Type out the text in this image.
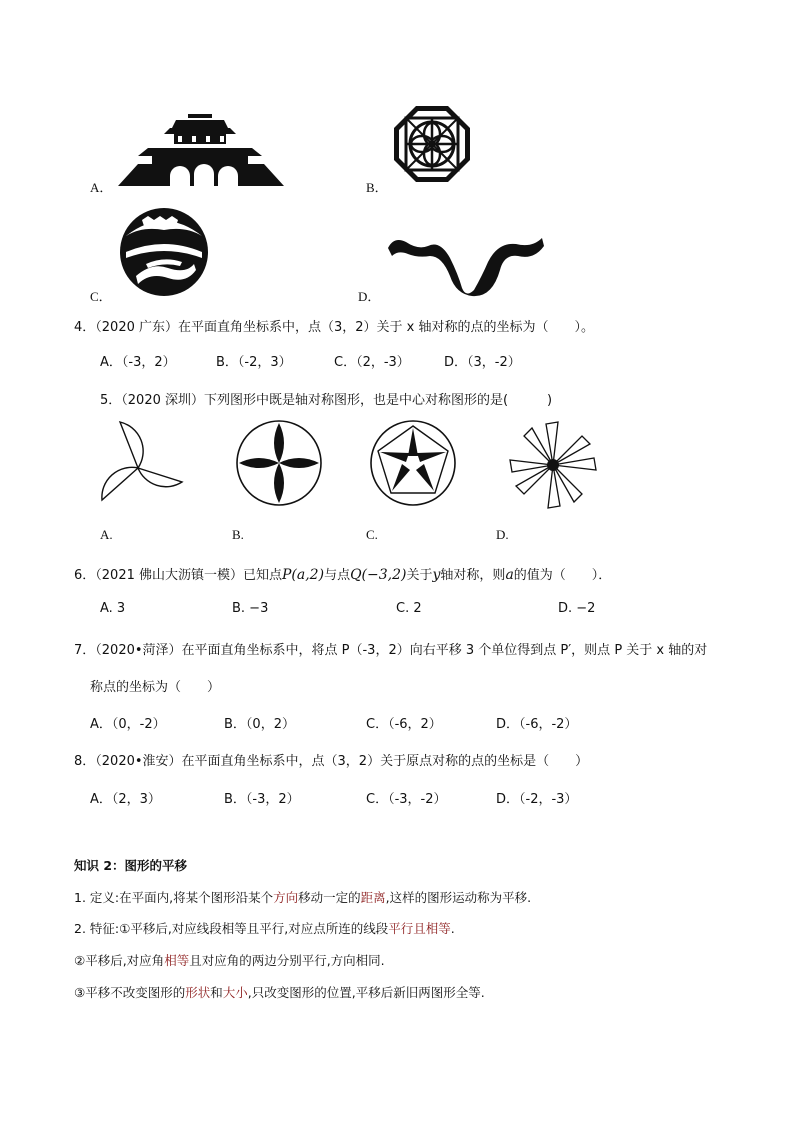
A．	B．
C．	D．
4．（2020 广东）在平面直角坐标系中，点（3，2）关于 x 轴对称的点的坐标为（　　）。
A．（-3，2）	B．（-2，3）	C．（2，-3）	D．（3，-2）
5．（2020 深圳）下列图形中既是轴对称图形，也是中心对称图形的是(　　　)
A.	B.	C.	D.
6．（2021 佛山大沥镇一模）已知点P(a,2)与点Q(−3,2)关于y轴对称，则a的值为（　　）．
A. 3	B. −3	C. 2	D. −2
7．（2020•菏泽）在平面直角坐标系中，将点 P（-3，2）向右平移 3 个单位得到点 P′，则点 P 关于 x 轴的对
称点的坐标为（　　）
A．（0，-2）	B．（0，2）	C．（-6，2）	D．（-6，-2）
8．（2020•淮安）在平面直角坐标系中，点（3，2）关于原点对称的点的坐标是（　　）
A．（2，3）	B．（-3，2）	C．（-3，-2）	D．（-2，-3）
知识 2：图形的平移
1. 定义:在平面内,将某个图形沿某个方向移动一定的距离,这样的图形运动称为平移.
2. 特征:①平移后,对应线段相等且平行,对应点所连的线段平行且相等.
②平移后,对应角相等且对应角的两边分别平行,方向相同.
③平移不改变图形的形状和大小,只改变图形的位置,平移后新旧两图形全等.
